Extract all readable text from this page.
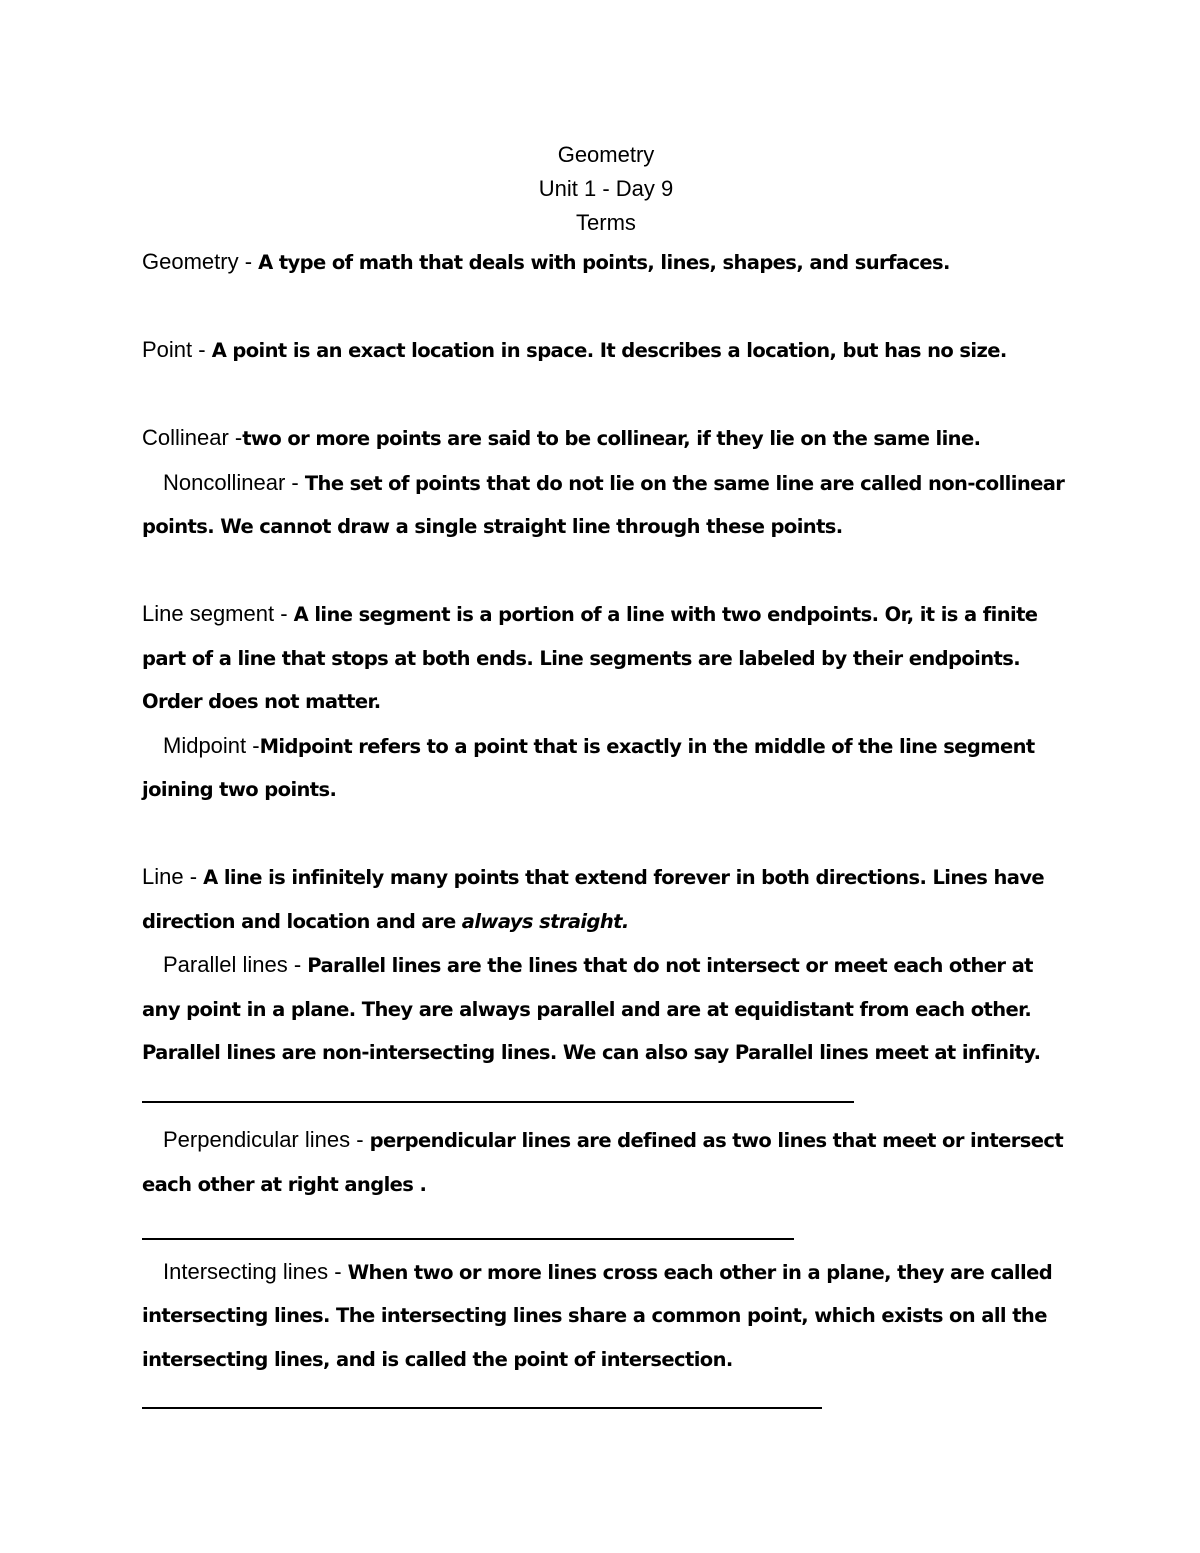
Geometry
Unit 1 - Day 9
Terms

Geometry - A type of math that deals with points, lines, shapes, and surfaces.

Point - A point is an exact location in space. It describes a location, but has no size.

Collinear -two or more points are said to be collinear, if they lie on the same line.

Noncollinear - The set of points that do not lie on the same line are called non-collinear points. We cannot draw a single straight line through these points.

Line segment - A line segment is a portion of a line with two endpoints. Or, it is a finite part of a line that stops at both ends. Line segments are labeled by their endpoints. Order does not matter.

Midpoint -Midpoint refers to a point that is exactly in the middle of the line segment joining two points.

Line - A line is infinitely many points that extend forever in both directions. Lines have direction and location and are always straight.

Parallel lines - Parallel lines are the lines that do not intersect or meet each other at any point in a plane. They are always parallel and are at equidistant from each other. Parallel lines are non-intersecting lines. We can also say Parallel lines meet at infinity.

Perpendicular lines - perpendicular lines are defined as two lines that meet or intersect each other at right angles .

Intersecting lines - When two or more lines cross each other in a plane, they are called intersecting lines. The intersecting lines share a common point, which exists on all the intersecting lines, and is called the point of intersection.
